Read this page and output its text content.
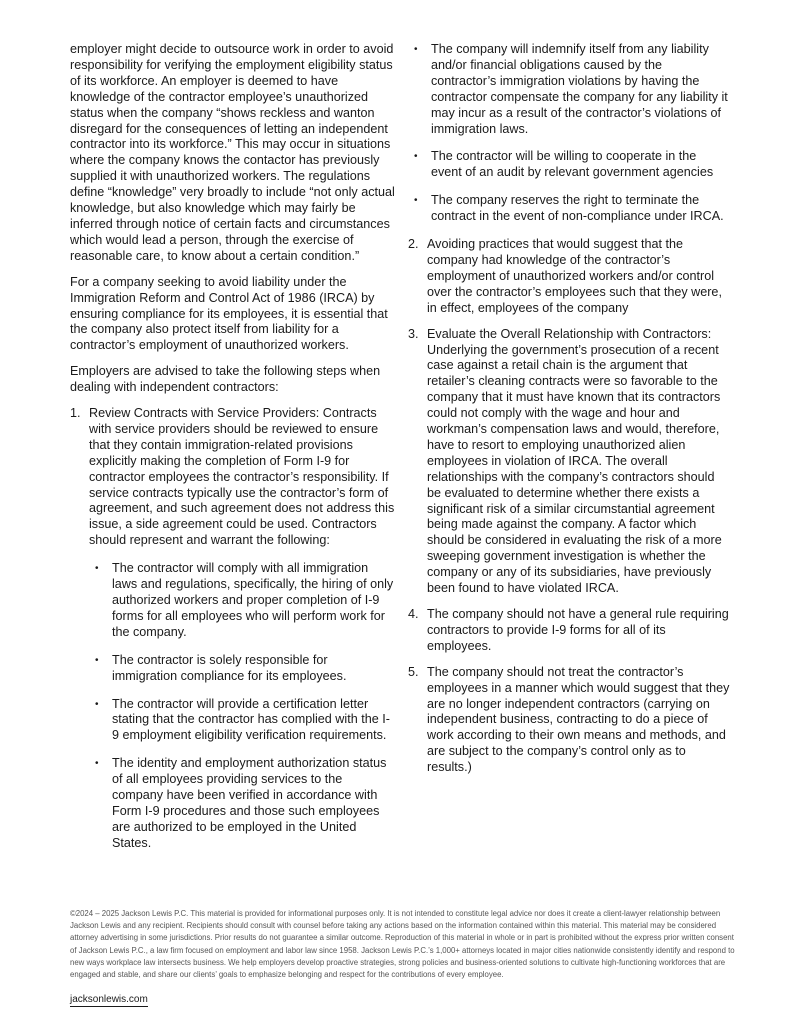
employer might decide to outsource work in order to avoid responsibility for verifying the employment eligibility status of its workforce. An employer is deemed to have knowledge of the contractor employee’s unauthorized status when the company “shows reckless and wanton disregard for the consequences of letting an independent contractor into its workforce.” This may occur in situations where the company knows the contactor has previously supplied it with unauthorized workers. The regulations define “knowledge” very broadly to include “not only actual knowledge, but also knowledge which may fairly be inferred through notice of certain facts and circumstances which would lead a person, through the exercise of reasonable care, to know about a certain condition.”

For a company seeking to avoid liability under the Immigration Reform and Control Act of 1986 (IRCA) by ensuring compliance for its employees, it is essential that the company also protect itself from liability for a contractor’s employment of unauthorized workers.

Employers are advised to take the following steps when dealing with independent contractors:

1. Review Contracts with Service Providers: Contracts with service providers should be reviewed to ensure that they contain immigration-related provisions explicitly making the completion of Form I-9 for contractor employees the contractor’s responsibility. If service contracts typically use the contractor’s form of agreement, and such agreement does not address this issue, a side agreement could be used. Contractors should represent and warrant the following:
• The contractor will comply with all immigration laws and regulations, specifically, the hiring of only authorized workers and proper completion of I-9 forms for all employees who will perform work for the company.
• The contractor is solely responsible for immigration compliance for its employees.
• The contractor will provide a certification letter stating that the contractor has complied with the I-9 employment eligibility verification requirements.
• The identity and employment authorization status of all employees providing services to the company have been verified in accordance with Form I-9 procedures and those such employees are authorized to be employed in the United States.
• The company will indemnify itself from any liability and/or financial obligations caused by the contractor’s immigration violations by having the contractor compensate the company for any liability it may incur as a result of the contractor’s violations of immigration laws.
• The contractor will be willing to cooperate in the event of an audit by relevant government agencies
• The company reserves the right to terminate the contract in the event of non-compliance under IRCA.
2. Avoiding practices that would suggest that the company had knowledge of the contractor’s employment of unauthorized workers and/or control over the contractor’s employees such that they were, in effect, employees of the company
3. Evaluate the Overall Relationship with Contractors: Underlying the government’s prosecution of a recent case against a retail chain is the argument that retailer’s cleaning contracts were so favorable to the company that it must have known that its contractors could not comply with the wage and hour and workman’s compensation laws and would, therefore, have to resort to employing unauthorized alien employees in violation of IRCA. The overall relationships with the company’s contractors should be evaluated to determine whether there exists a significant risk of a similar circumstantial agreement being made against the company. A factor which should be considered in evaluating the risk of a more sweeping government investigation is whether the company or any of its subsidiaries, have previously been found to have violated IRCA.
4. The company should not have a general rule requiring contractors to provide I-9 forms for all of its employees.
5. The company should not treat the contractor’s employees in a manner which would suggest that they are no longer independent contractors (carrying on independent business, contracting to do a piece of work according to their own means and methods, and are subject to the company’s control only as to results.)
©2024 – 2025 Jackson Lewis P.C. This material is provided for informational purposes only. It is not intended to constitute legal advice nor does it create a client-lawyer relationship between Jackson Lewis and any recipient. Recipients should consult with counsel before taking any actions based on the information contained within this material. This material may be considered attorney advertising in some jurisdictions. Prior results do not guarantee a similar outcome. Reproduction of this material in whole or in part is prohibited without the express prior written consent of Jackson Lewis P.C., a law firm focused on employment and labor law since 1958. Jackson Lewis P.C.’s 1,000+ attorneys located in major cities nationwide consistently identify and respond to new ways workplace law intersects business. We help employers develop proactive strategies, strong policies and business-oriented solutions to cultivate high-functioning workforces that are engaged and stable, and share our clients’ goals to emphasize belonging and respect for the contributions of every employee.
jacksonlewis.com
